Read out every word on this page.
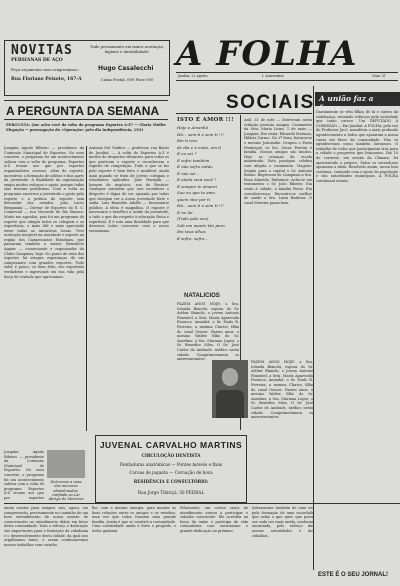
NOVITAS
PERSIANAS DE AÇO
Tudo permanente em maior aceitação, higiene e durabilidade!
Peça orçamento sem compromisso:	Hugo Casalecchi
Rua Floriano Peixoto, 167-A	Caixa Postal, 000 Fone 000
A PERGUNTA DA SEMANA
PERGUNTA: Que acha você da volta do programa Esportes A-Z? — Gloria Muller Elegoção — prorrogação do «Operação» pelo dia Independência, 1921
Joaquim Agudo Ribeiro — presidente da Comissão Municipal de Esportes: No meu conceito, o programa foi um acontecimento salutar com a volta do programa. Esportes A-Z trouxe aos que por esportes organizadores sucesso, além do esporte, incentivou a formação de atletas e boa parte da juventude. A finalidade da organização exigiu muitos esforços e apoio, porque todas elas tiveram problemas. Com a volta ao programa encerrou a juventude o gosto pelo esporte e a prática do esporte sem descuidar dos estudos. João Lacer Bergamini — Diretor de Esportes do E. C. Comercial — rua Visconde de Rio Branco: Muito me agradou, pois foi um programa de esporte que atingiu todos os colegiais e os esportistas, o mais útil e mais apreciado entre todas as iniciativas locais. Teve aceitação inegável na mocidade e esporte na região dos Campeonatos Estaduais, que passaram também a existir. Benedicto Aguiar — comerciante e organizador do Clube Campinas; hoje: No ponto de vista dos esportes há sempre esperanças de um campeonato com grandes esportes. Todo valor é pouco, se bem feito, seu esportista verdadeiro e ingressará em sua vida pela força de vontade que apreciamos.
Antonio Del Guidice — professor, rua Barão de Jundiaí: — A volta do Esportes A-Z é motivo de desportos vibrantes, para todos os que praticam o esporte e reconhecem o espírito de competição. Tudo o que se faz pelo esporte é bem feito e saudável, ainda mais quando se trata de jovens colegiais e estudantes aplicados. João Hornyák — homem de negócios, rua do Rosário: Qualquer iniciativa que vise incentivar o desporto é digna de ser apoiada por todos que desejam ver a nossa juventude forte e sadia. Luiz Benedito Adolfo — funcionário público: A ideia é magnífica. O esporte é necessário e benéfico à saúde da juventude, a tudo o que diz respeito à educação física e espiritual. E é esta uma finalidade para que devemos todos concorrer com o nosso entusiasmo.
Detrocoos a casa dos menores abandonados, confiada ao Lar Abrigo de Menores
Joaquim Agudo Ribeiro — presidente da Comissão Municipal de Esportes: No meu conceito, o programa foi um acontecimento salutar com a volta do programa. Esportes A-Z trouxe aos que por esportes
ainda estaria para sempre, nós, agora, em compreensão, precisamente no caminho de um bom entendimento de nossa missão de comerciantes no atendimento diário em favor desta comunidade. Todo o esforço e dedicação são importantes para a formação da cidadania e o desenvolvimento desta cidade, da qual nos orgulhamos tanto, e assim continuaremos nossos trabalhos com carinho.
lhe, com a mesma energia, para manter as boas relações entre os amigos e os vizinhos, uma vez que todos formam uma grande família. Assim é que se constrói a comunidade. Uma coletividade unida é forte e progride, e todos ganham.
Felizmente, em certos casos de atendimento entrou a participar o cidadão consciente. Ele acredita na força da união e participa da vida comunitária com entusiasmo e grande dedicação ao próximo.
toleramente também de uma vez pela formação de uma sociedade que saiba o que quer, que possa ser cada vez mais unida, conforme anunciada, pelo esforço das nossas autoridades e dos cidadãos.
A FOLHA
Jundiaí, 22 Agosto	I. Aniversário	Num. 51
SOCIAIS
ISTO É AMOR !!!
Hoje e Amanhã
Há... sem ti e sem ti !!!
Em ti vivo
de dia e à noite, em ti
E eu sei ?
E sofro também
E não sofro então
E não sei...
E ainda será você ?
E sempre te amarei
Sou eu que te amo
quem vive por ti
Há... sem ti e sem ti !!!
E no lar
(Tudo pelo seu)
Sob um manto tão puro
Em teus olhos
E sofro, sofro...
NATALICIOS
FAZEM ANOS HOJE: a Sra. Iolanda Bianchi, esposa do Sr. Arthur Bianchi, o jovem Antonio Pimentel, a Srta. Maria Aparecida Fonseca. Amanhã: o Sr. Paulo R. Ferreira, a menina Clarice, filha do casal Gomes. Fazem anos: o menino Walter, filho do Sr. Anselmo; a Sra. Mariana Lopes; o Sr. Benedito Silva. O Dr. José Carlos de Andrade, médico nesta cidade. Cumprimentamos os aniversariantes.
Aníl. 31 de mês — Estiveram nesta redação pessoas amigas. Casamento da Srta. Maria Luiza. 1 de maio — Joaquim. Em visita: Eduardo Mariano, Hilário Carmo. Na 2ª feira, batizou-se o menino Joãozinho. Ocupou o Posto Municipal, os Srs. Oscar Pereira e família. Nossos amigos são muitos. Hoje as crianças da escola ministrada. Esta paróquia celebra com alegria o casamento. Viagens: Seguiu para a capital o Sr. Antonio Bueno. Regressou de Campinas a Sra. Rosa Almeida. Enfermos: Acha-se em tratamento o Sr. João Ribeiro. Em visita à cidade, a família Perez. Em convalescença: Encontra-se melhor de saúde a Sra. Luiza Barbosa. O casal Moreira passa bem.
FAZEM ANOS HOJE: a Sra. Iolanda Bianchi, esposa do Sr. Arthur Bianchi, o jovem Antonio Pimentel, a Srta. Maria Aparecida Fonseca. Amanhã: o Sr. Paulo R. Ferreira, a menina Clarice, filha do casal Gomes. Fazem anos: o menino Walter, filho do Sr. Anselmo; a Sra. Mariana Lopes; o Sr. Benedito Silva. O Dr. José Carlos de Andrade, médico nesta cidade. Cumprimentamos os aniversariantes.
JUVENAL CARVALHO MARTINS
CIRCULOÇÃO DENTISTA
Dentaduras anatômicas — Pontes móveis e fixas
Coroas de jaqueta — Coroação de boca
RESIDÊNCIA E CONSULTÓRIO:
Rua Jorge Tibiriçá, 50 PEDRAL
A união faz a força...
Diariamente se vêm filhos de lá e outros da vizinhança, reunindo esforços pela sociedade que tanto carece. Um DEPUTADO À COMISSÃO — Em Jundiaí: A FOLHA, pela voz do Professor Jacó, manifesta o mais profundo agradecimento a todos que apoiaram a nossa causa em favor da comunidade. Não só agradecemos como também louvamos. O trabalho de todos que participaram traz para a cidade o progresso que buscamos. Dia 10 do corrente, em sessão da Câmara, foi apresentado o projeto. Todos os vereadores apoiaram a ideia. Resolvido assim, nossa luta continua, contando com o apoio da população e das autoridades municipais. A FOLHA continuará atenta.
ESTE É O SEU JORNAL!
